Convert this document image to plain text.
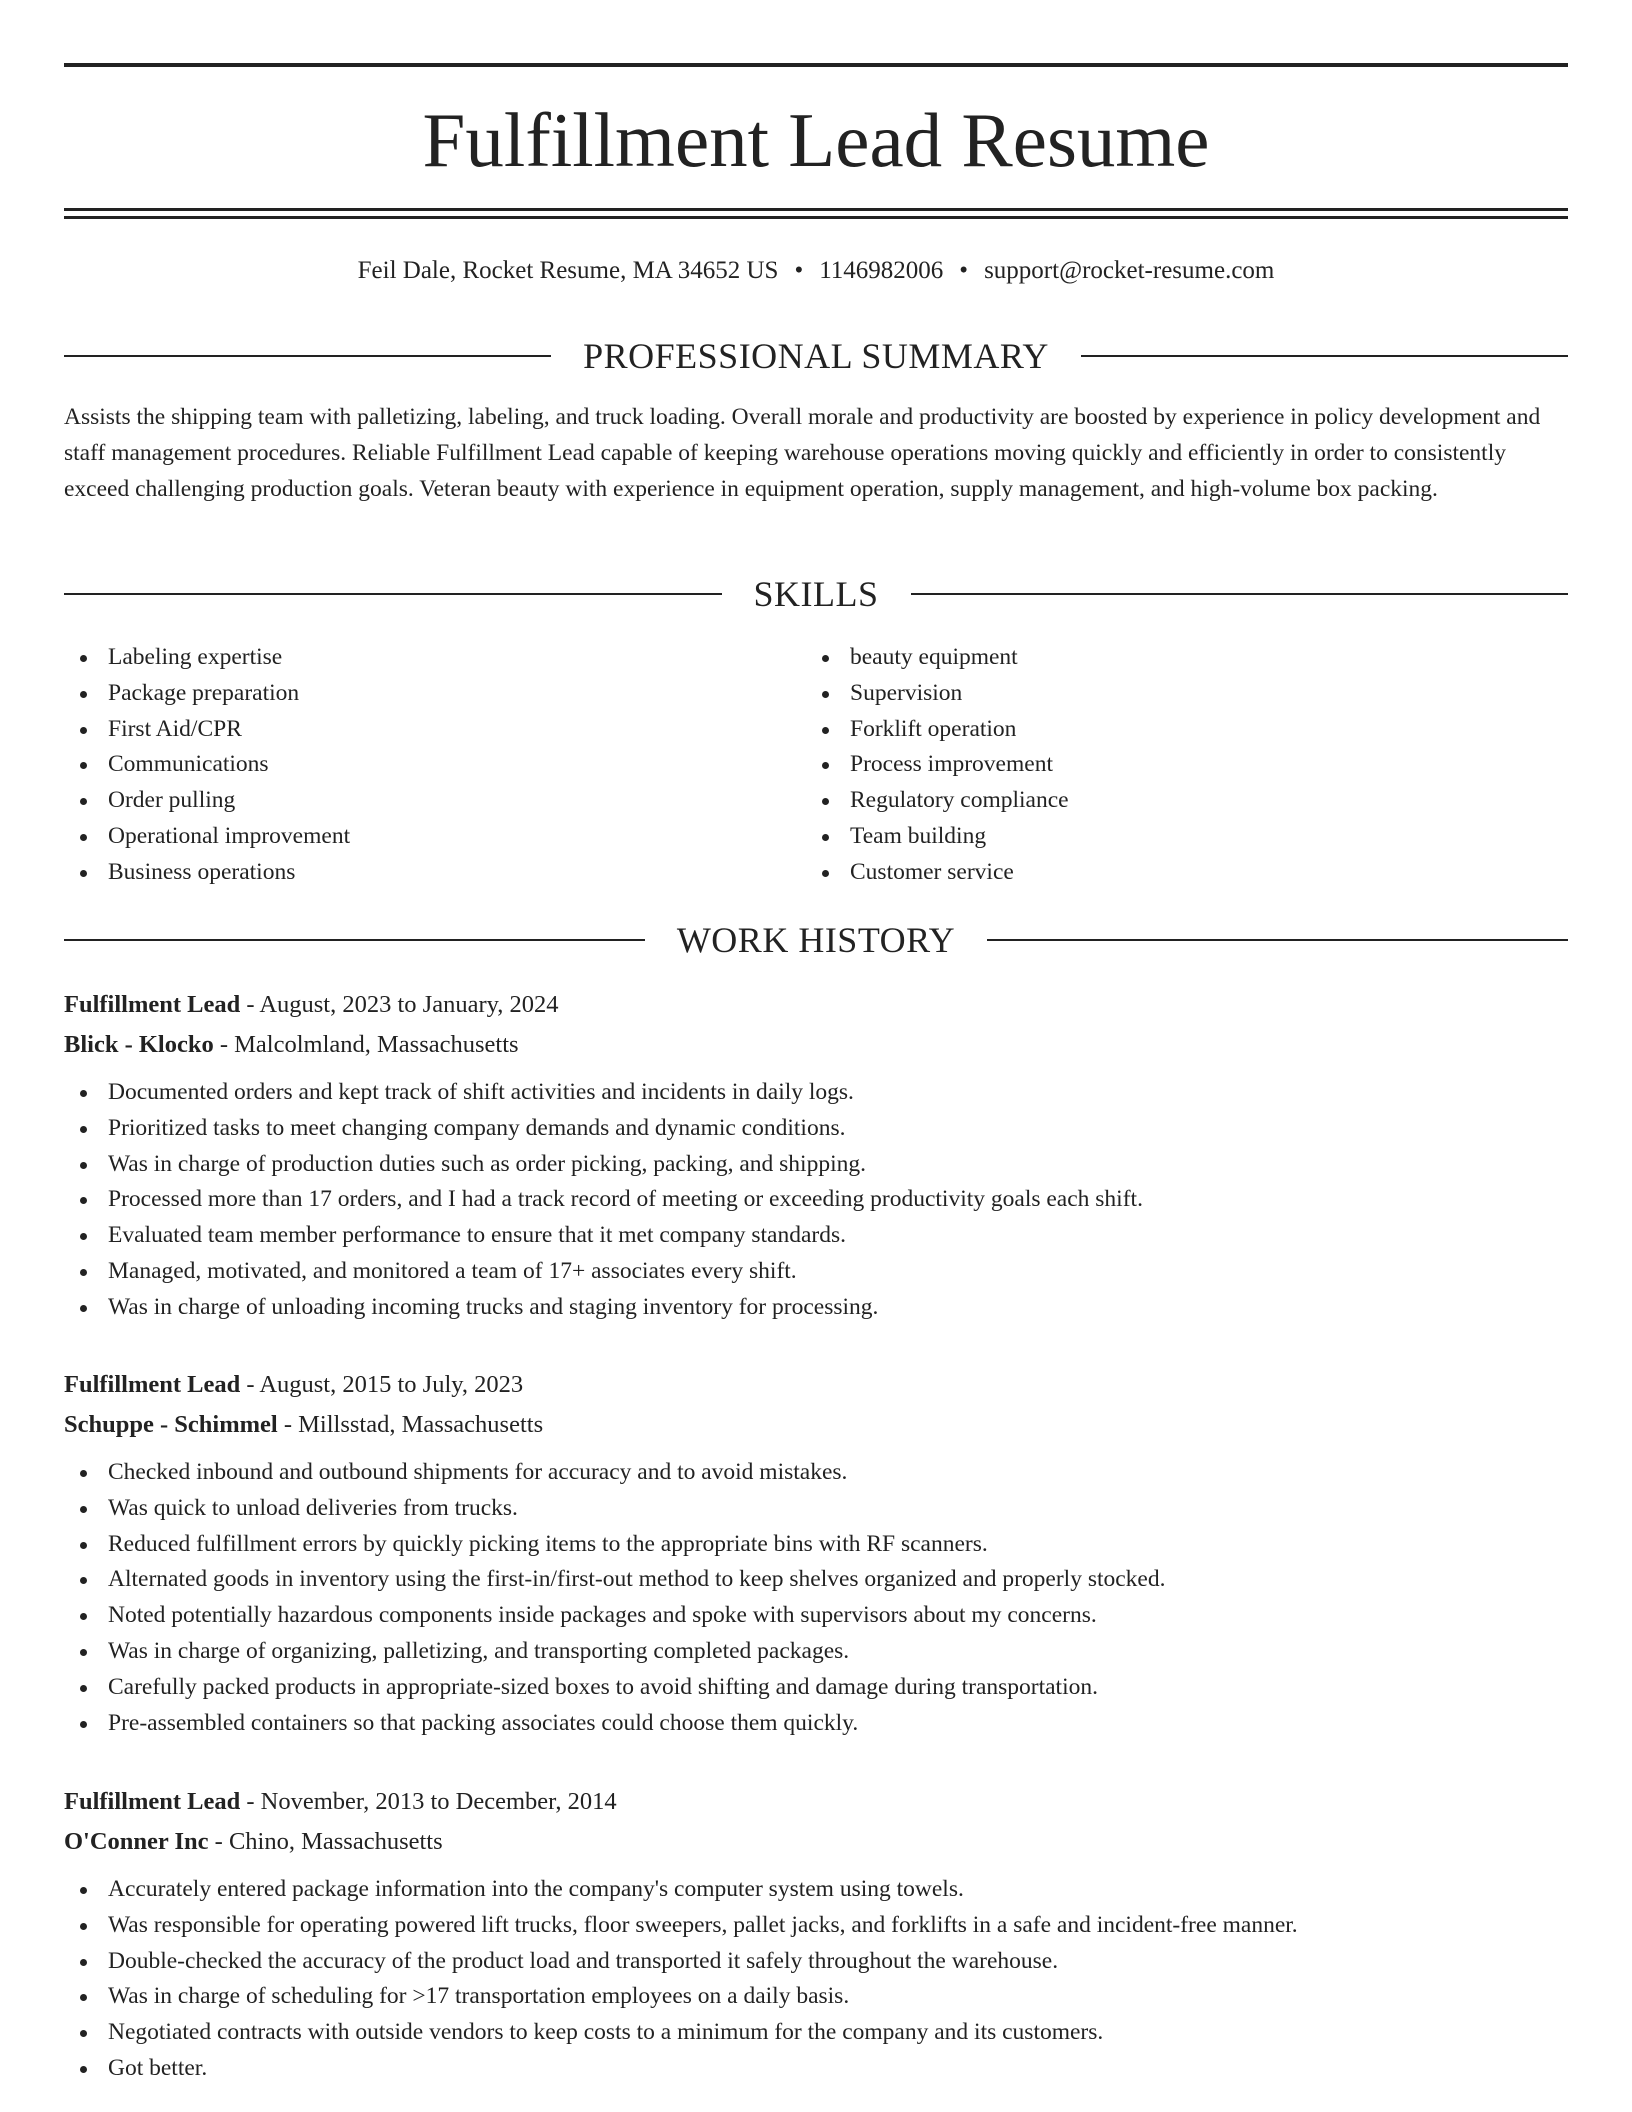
Fulfillment Lead Resume
Feil Dale, Rocket Resume, MA 34652 US • 1146982006 • support@rocket-resume.com
PROFESSIONAL SUMMARY

Assists the shipping team with palletizing, labeling, and truck loading. Overall morale and productivity are boosted by experience in policy development and staff management procedures. Reliable Fulfillment Lead capable of keeping warehouse operations moving quickly and efficiently in order to consistently exceed challenging production goals. Veteran beauty with experience in equipment operation, supply management, and high-volume box packing.

SKILLS
Labeling expertise
Package preparation
First Aid/CPR
Communications
Order pulling
Operational improvement
Business operations
beauty equipment
Supervision
Forklift operation
Process improvement
Regulatory compliance
Team building
Customer service
WORK HISTORY
Fulfillment Lead - August, 2023 to January, 2024
Blick - Klocko - Malcolmland, Massachusetts
Documented orders and kept track of shift activities and incidents in daily logs.
Prioritized tasks to meet changing company demands and dynamic conditions.
Was in charge of production duties such as order picking, packing, and shipping.
Processed more than 17 orders, and I had a track record of meeting or exceeding productivity goals each shift.
Evaluated team member performance to ensure that it met company standards.
Managed, motivated, and monitored a team of 17+ associates every shift.
Was in charge of unloading incoming trucks and staging inventory for processing.
Fulfillment Lead - August, 2015 to July, 2023
Schuppe - Schimmel - Millsstad, Massachusetts
Checked inbound and outbound shipments for accuracy and to avoid mistakes.
Was quick to unload deliveries from trucks.
Reduced fulfillment errors by quickly picking items to the appropriate bins with RF scanners.
Alternated goods in inventory using the first-in/first-out method to keep shelves organized and properly stocked.
Noted potentially hazardous components inside packages and spoke with supervisors about my concerns.
Was in charge of organizing, palletizing, and transporting completed packages.
Carefully packed products in appropriate-sized boxes to avoid shifting and damage during transportation.
Pre-assembled containers so that packing associates could choose them quickly.
Fulfillment Lead - November, 2013 to December, 2014
O'Conner Inc - Chino, Massachusetts
Accurately entered package information into the company's computer system using towels.
Was responsible for operating powered lift trucks, floor sweepers, pallet jacks, and forklifts in a safe and incident-free manner.
Double-checked the accuracy of the product load and transported it safely throughout the warehouse.
Was in charge of scheduling for >17 transportation employees on a daily basis.
Negotiated contracts with outside vendors to keep costs to a minimum for the company and its customers.
Got better.
